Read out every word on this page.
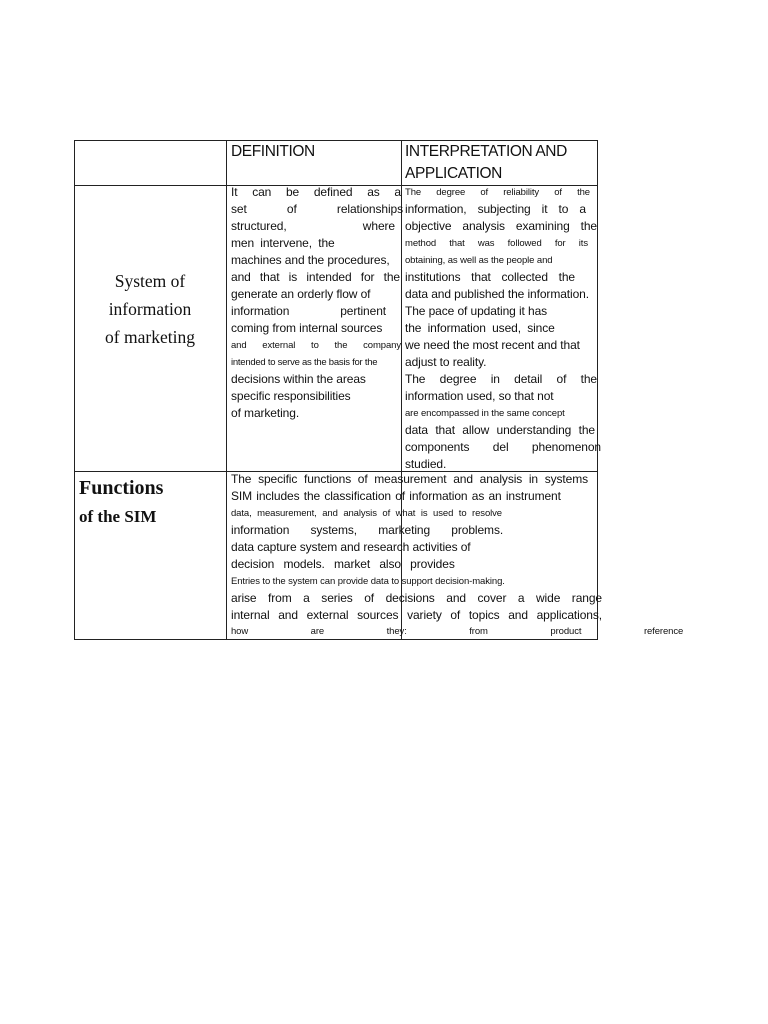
DEFINITION	INTERPRETATION AND
APPLICATION
System of
information
of marketing
It can be defined as a
set of relationships
structured, where
men intervene, the
machines and the procedures,
and that is intended for the
generate an orderly flow of
information pertinent
coming from internal sources
and external to the company
intended to serve as the basis for the
decisions within the areas
specific responsibilities
of marketing.
The degree of reliability of the
information, subjecting it to a
objective analysis examining the
method that was followed for its
obtaining, as well as the people and
institutions that collected the
data and published the information.
The pace of updating it has
the information used, since
we need the most recent and that
adjust to reality.
The degree in detail of the
information used, so that not
are encompassed in the same concept
data that allow understanding the
components del phenomenon
studied.
Functions
of the SIM
The specific functions of measurement and analysis in systems
SIM includes the classification of information as an instrument
data, measurement, and analysis of what is used to resolve
information systems, marketing problems.
data capture system and research activities of
decision models. market also provides
Entries to the system can provide data to support decision-making.
arise from a series of decisions and cover a wide range
internal and external sources variety of topics and applications,
how are they: from product reference
